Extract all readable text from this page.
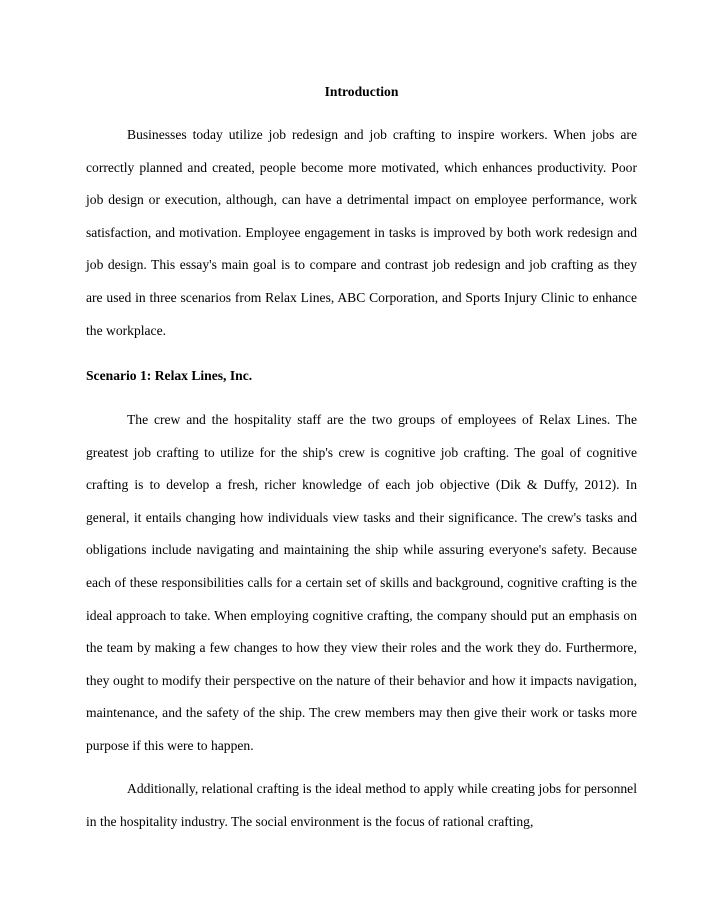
Introduction

Businesses today utilize job redesign and job crafting to inspire workers. When jobs are correctly planned and created, people become more motivated, which enhances productivity. Poor job design or execution, although, can have a detrimental impact on employee performance, work satisfaction, and motivation. Employee engagement in tasks is improved by both work redesign and job design. This essay's main goal is to compare and contrast job redesign and job crafting as they are used in three scenarios from Relax Lines, ABC Corporation, and Sports Injury Clinic to enhance the workplace.

Scenario 1: Relax Lines, Inc.

The crew and the hospitality staff are the two groups of employees of Relax Lines. The greatest job crafting to utilize for the ship's crew is cognitive job crafting. The goal of cognitive crafting is to develop a fresh, richer knowledge of each job objective (Dik & Duffy, 2012). In general, it entails changing how individuals view tasks and their significance. The crew's tasks and obligations include navigating and maintaining the ship while assuring everyone's safety. Because each of these responsibilities calls for a certain set of skills and background, cognitive crafting is the ideal approach to take. When employing cognitive crafting, the company should put an emphasis on the team by making a few changes to how they view their roles and the work they do. Furthermore, they ought to modify their perspective on the nature of their behavior and how it impacts navigation, maintenance, and the safety of the ship. The crew members may then give their work or tasks more purpose if this were to happen.

Additionally, relational crafting is the ideal method to apply while creating jobs for personnel in the hospitality industry. The social environment is the focus of rational crafting,
